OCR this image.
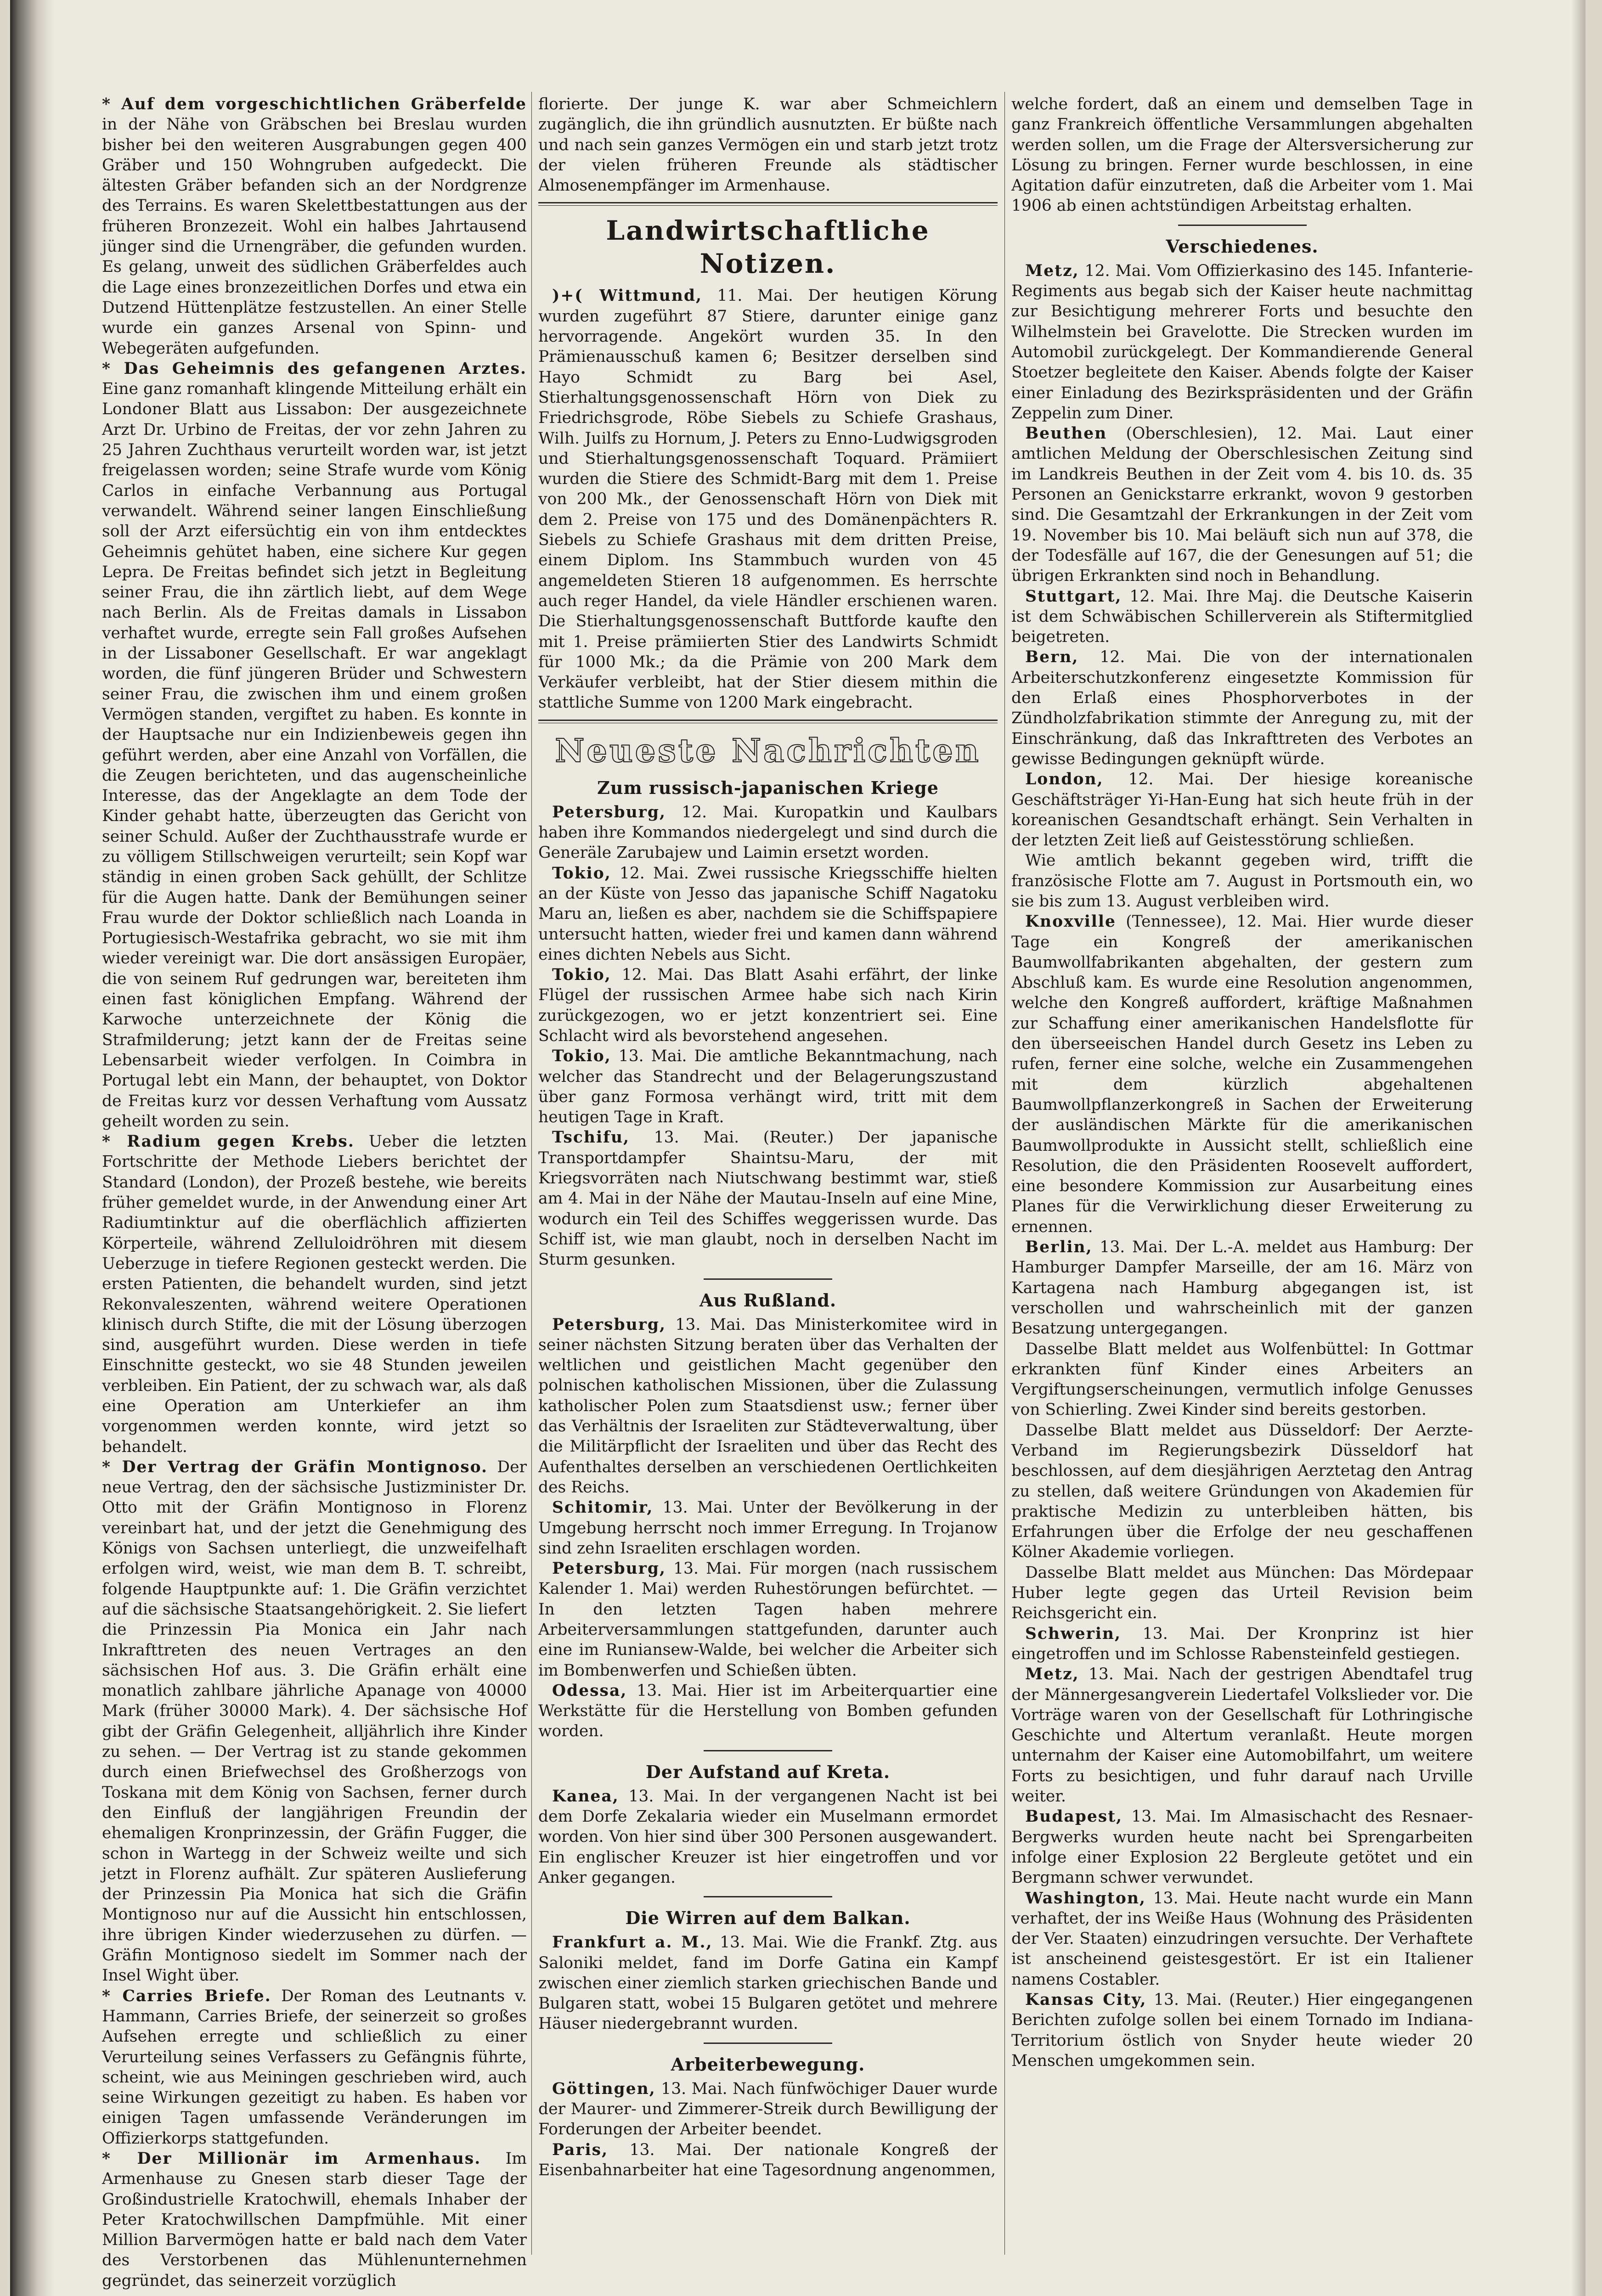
* Auf dem vorgeschichtlichen Gräberfelde in der Nähe von Gräbschen bei Breslau wurden bisher bei den weiteren Ausgrabungen gegen 400 Gräber und 150 Wohngruben aufgedeckt. Die ältesten Gräber befanden sich an der Nordgrenze des Terrains. Es waren Skelettbestattungen aus der früheren Bronzezeit. Wohl ein halbes Jahrtausend jünger sind die Urnengräber, die gefunden wurden. Es gelang, unweit des südlichen Gräberfeldes auch die Lage eines bronzezeitlichen Dorfes und etwa ein Dutzend Hüttenplätze festzustellen. An einer Stelle wurde ein ganzes Arsenal von Spinn- und Webegeräten aufgefunden.

* Das Geheimnis des gefangenen Arztes. Eine ganz romanhaft klingende Mitteilung erhält ein Londoner Blatt aus Lissabon: Der ausgezeichnete Arzt Dr. Urbino de Freitas, der vor zehn Jahren zu 25 Jahren Zuchthaus verurteilt worden war, ist jetzt freigelassen worden; seine Strafe wurde vom König Carlos in einfache Verbannung aus Portugal verwandelt. Während seiner langen Einschließung soll der Arzt eifersüchtig ein von ihm entdecktes Geheimnis gehütet haben, eine sichere Kur gegen Lepra. De Freitas befindet sich jetzt in Begleitung seiner Frau, die ihn zärtlich liebt, auf dem Wege nach Berlin. Als de Freitas damals in Lissabon verhaftet wurde, erregte sein Fall großes Aufsehen in der Lissaboner Gesellschaft. Er war angeklagt worden, die fünf jüngeren Brüder und Schwestern seiner Frau, die zwischen ihm und einem großen Vermögen standen, vergiftet zu haben. Es konnte in der Hauptsache nur ein Indizienbeweis gegen ihn geführt werden, aber eine Anzahl von Vorfällen, die die Zeugen berichteten, und das augenscheinliche Interesse, das der Angeklagte an dem Tode der Kinder gehabt hatte, überzeugten das Gericht von seiner Schuld. Außer der Zuchthausstrafe wurde er zu völligem Stillschweigen verurteilt; sein Kopf war ständig in einen groben Sack gehüllt, der Schlitze für die Augen hatte. Dank der Bemühungen seiner Frau wurde der Doktor schließlich nach Loanda in Portugiesisch-Westafrika gebracht, wo sie mit ihm wieder vereinigt war. Die dort ansässigen Europäer, die von seinem Ruf gedrungen war, bereiteten ihm einen fast königlichen Empfang. Während der Karwoche unterzeichnete der König die Strafmilderung; jetzt kann der de Freitas seine Lebensarbeit wieder verfolgen. In Coimbra in Portugal lebt ein Mann, der behauptet, von Doktor de Freitas kurz vor dessen Verhaftung vom Aussatz geheilt worden zu sein.

* Radium gegen Krebs. Ueber die letzten Fortschritte der Methode Liebers berichtet der Standard (London), der Prozeß bestehe, wie bereits früher gemeldet wurde, in der Anwendung einer Art Radiumtinktur auf die oberflächlich affizierten Körperteile, während Zelluloidröhren mit diesem Ueberzuge in tiefere Regionen gesteckt werden. Die ersten Patienten, die behandelt wurden, sind jetzt Rekonvaleszenten, während weitere Operationen klinisch durch Stifte, die mit der Lösung überzogen sind, ausgeführt wurden. Diese werden in tiefe Einschnitte gesteckt, wo sie 48 Stunden jeweilen verbleiben. Ein Patient, der zu schwach war, als daß eine Operation am Unterkiefer an ihm vorgenommen werden konnte, wird jetzt so behandelt.

* Der Vertrag der Gräfin Montignoso. Der neue Vertrag, den der sächsische Justizminister Dr. Otto mit der Gräfin Montignoso in Florenz vereinbart hat, und der jetzt die Genehmigung des Königs von Sachsen unterliegt, die unzweifelhaft erfolgen wird, weist, wie man dem B. T. schreibt, folgende Hauptpunkte auf: 1. Die Gräfin verzichtet auf die sächsische Staatsangehörigkeit. 2. Sie liefert die Prinzessin Pia Monica ein Jahr nach Inkrafttreten des neuen Vertrages an den sächsischen Hof aus. 3. Die Gräfin erhält eine monatlich zahlbare jährliche Apanage von 40000 Mark (früher 30000 Mark). 4. Der sächsische Hof gibt der Gräfin Gelegenheit, alljährlich ihre Kinder zu sehen. — Der Vertrag ist zu stande gekommen durch einen Briefwechsel des Großherzogs von Toskana mit dem König von Sachsen, ferner durch den Einfluß der langjährigen Freundin der ehemaligen Kronprinzessin, der Gräfin Fugger, die schon in Wartegg in der Schweiz weilte und sich jetzt in Florenz aufhält. Zur späteren Auslieferung der Prinzessin Pia Monica hat sich die Gräfin Montignoso nur auf die Aussicht hin entschlossen, ihre übrigen Kinder wiederzusehen zu dürfen. — Gräfin Montignoso siedelt im Sommer nach der Insel Wight über.

* Carries Briefe. Der Roman des Leutnants v. Hammann, Carries Briefe, der seinerzeit so großes Aufsehen erregte und schließlich zu einer Verurteilung seines Verfassers zu Gefängnis führte, scheint, wie aus Meiningen geschrieben wird, auch seine Wirkungen gezeitigt zu haben. Es haben vor einigen Tagen umfassende Veränderungen im Offizierkorps stattgefunden.

* Der Millionär im Armenhaus. Im Armenhause zu Gnesen starb dieser Tage der Großindustrielle Kratochwill, ehemals Inhaber der Peter Kratochwillschen Dampfmühle. Mit einer Million Barvermögen hatte er bald nach dem Vater des Verstorbenen das Mühlenunternehmen gegründet, das seinerzeit vorzüglich

florierte. Der junge K. war aber Schmeichlern zugänglich, die ihn gründlich ausnutzten. Er büßte nach und nach sein ganzes Vermögen ein und starb jetzt trotz der vielen früheren Freunde als städtischer Almosenempfänger im Armenhause.

Landwirtschaftliche Notizen.

)+( Wittmund, 11. Mai. Der heutigen Körung wurden zugeführt 87 Stiere, darunter einige ganz hervorragende. Angekört wurden 35. In den Prämienausschuß kamen 6; Besitzer derselben sind Hayo Schmidt zu Barg bei Asel, Stierhaltungsgenossenschaft Hörn von Diek zu Friedrichsgrode, Röbe Siebels zu Schiefe Grashaus, Wilh. Juilfs zu Hornum, J. Peters zu Enno-Ludwigsgroden und Stierhaltungsgenossenschaft Toquard. Prämiiert wurden die Stiere des Schmidt-Barg mit dem 1. Preise von 200 Mk., der Genossenschaft Hörn von Diek mit dem 2. Preise von 175 und des Domänenpächters R. Siebels zu Schiefe Grashaus mit dem dritten Preise, einem Diplom. Ins Stammbuch wurden von 45 angemeldeten Stieren 18 aufgenommen. Es herrschte auch reger Handel, da viele Händler erschienen waren. Die Stierhaltungsgenossenschaft Buttforde kaufte den mit 1. Preise prämiierten Stier des Landwirts Schmidt für 1000 Mk.; da die Prämie von 200 Mark dem Verkäufer verbleibt, hat der Stier diesem mithin die stattliche Summe von 1200 Mark eingebracht.

Neueste Nachrichten
Zum russisch-japanischen Kriege

Petersburg, 12. Mai. Kuropatkin und Kaulbars haben ihre Kommandos niedergelegt und sind durch die Generäle Zarubajew und Laimin ersetzt worden.

Tokio, 12. Mai. Zwei russische Kriegsschiffe hielten an der Küste von Jesso das japanische Schiff Nagatoku Maru an, ließen es aber, nachdem sie die Schiffspapiere untersucht hatten, wieder frei und kamen dann während eines dichten Nebels aus Sicht.

Tokio, 12. Mai. Das Blatt Asahi erfährt, der linke Flügel der russischen Armee habe sich nach Kirin zurückgezogen, wo er jetzt konzentriert sei. Eine Schlacht wird als bevorstehend angesehen.

Tokio, 13. Mai. Die amtliche Bekanntmachung, nach welcher das Standrecht und der Belagerungszustand über ganz Formosa verhängt wird, tritt mit dem heutigen Tage in Kraft.

Tschifu, 13. Mai. (Reuter.) Der japanische Transportdampfer Shaintsu-Maru, der mit Kriegsvorräten nach Niutschwang bestimmt war, stieß am 4. Mai in der Nähe der Mautau-Inseln auf eine Mine, wodurch ein Teil des Schiffes weggerissen wurde. Das Schiff ist, wie man glaubt, noch in derselben Nacht im Sturm gesunken.

Aus Rußland.

Petersburg, 13. Mai. Das Ministerkomitee wird in seiner nächsten Sitzung beraten über das Verhalten der weltlichen und geistlichen Macht gegenüber den polnischen katholischen Missionen, über die Zulassung katholischer Polen zum Staatsdienst usw.; ferner über das Verhältnis der Israeliten zur Städteverwaltung, über die Militärpflicht der Israeliten und über das Recht des Aufenthaltes derselben an verschiedenen Oertlichkeiten des Reichs.

Schitomir, 13. Mai. Unter der Bevölkerung in der Umgebung herrscht noch immer Erregung. In Trojanow sind zehn Israeliten erschlagen worden.

Petersburg, 13. Mai. Für morgen (nach russischem Kalender 1. Mai) werden Ruhestörungen befürchtet. — In den letzten Tagen haben mehrere Arbeiterversammlungen stattgefunden, darunter auch eine im Runiansew-Walde, bei welcher die Arbeiter sich im Bombenwerfen und Schießen übten.

Odessa, 13. Mai. Hier ist im Arbeiterquartier eine Werkstätte für die Herstellung von Bomben gefunden worden.

Der Aufstand auf Kreta.

Kanea, 13. Mai. In der vergangenen Nacht ist bei dem Dorfe Zekalaria wieder ein Muselmann ermordet worden. Von hier sind über 300 Personen ausgewandert. Ein englischer Kreuzer ist hier eingetroffen und vor Anker gegangen.

Die Wirren auf dem Balkan.

Frankfurt a. M., 13. Mai. Wie die Frankf. Ztg. aus Saloniki meldet, fand im Dorfe Gatina ein Kampf zwischen einer ziemlich starken griechischen Bande und Bulgaren statt, wobei 15 Bulgaren getötet und mehrere Häuser niedergebrannt wurden.

Arbeiterbewegung.

Göttingen, 13. Mai. Nach fünfwöchiger Dauer wurde der Maurer- und Zimmerer-Streik durch Bewilligung der Forderungen der Arbeiter beendet.

Paris, 13. Mai. Der nationale Kongreß der Eisenbahnarbeiter hat eine Tagesordnung angenommen,

welche fordert, daß an einem und demselben Tage in ganz Frankreich öffentliche Versammlungen abgehalten werden sollen, um die Frage der Altersversicherung zur Lösung zu bringen. Ferner wurde beschlossen, in eine Agitation dafür einzutreten, daß die Arbeiter vom 1. Mai 1906 ab einen achtstündigen Arbeitstag erhalten.

Verschiedenes.

Metz, 12. Mai. Vom Offizierkasino des 145. Infanterie-Regiments aus begab sich der Kaiser heute nachmittag zur Besichtigung mehrerer Forts und besuchte den Wilhelmstein bei Gravelotte. Die Strecken wurden im Automobil zurückgelegt. Der Kommandierende General Stoetzer begleitete den Kaiser. Abends folgte der Kaiser einer Einladung des Bezirkspräsidenten und der Gräfin Zeppelin zum Diner.

Beuthen (Oberschlesien), 12. Mai. Laut einer amtlichen Meldung der Oberschlesischen Zeitung sind im Landkreis Beuthen in der Zeit vom 4. bis 10. ds. 35 Personen an Genickstarre erkrankt, wovon 9 gestorben sind. Die Gesamtzahl der Erkrankungen in der Zeit vom 19. November bis 10. Mai beläuft sich nun auf 378, die der Todesfälle auf 167, die der Genesungen auf 51; die übrigen Erkrankten sind noch in Behandlung.

Stuttgart, 12. Mai. Ihre Maj. die Deutsche Kaiserin ist dem Schwäbischen Schillerverein als Stiftermitglied beigetreten.

Bern, 12. Mai. Die von der internationalen Arbeiterschutzkonferenz eingesetzte Kommission für den Erlaß eines Phosphorverbotes in der Zündholzfabrikation stimmte der Anregung zu, mit der Einschränkung, daß das Inkrafttreten des Verbotes an gewisse Bedingungen geknüpft würde.

London, 12. Mai. Der hiesige koreanische Geschäftsträger Yi-Han-Eung hat sich heute früh in der koreanischen Gesandtschaft erhängt. Sein Verhalten in der letzten Zeit ließ auf Geistesstörung schließen.

Wie amtlich bekannt gegeben wird, trifft die französische Flotte am 7. August in Portsmouth ein, wo sie bis zum 13. August verbleiben wird.

Knoxville (Tennessee), 12. Mai. Hier wurde dieser Tage ein Kongreß der amerikanischen Baumwollfabrikanten abgehalten, der gestern zum Abschluß kam. Es wurde eine Resolution angenommen, welche den Kongreß auffordert, kräftige Maßnahmen zur Schaffung einer amerikanischen Handelsflotte für den überseeischen Handel durch Gesetz ins Leben zu rufen, ferner eine solche, welche ein Zusammengehen mit dem kürzlich abgehaltenen Baumwollpflanzerkongreß in Sachen der Erweiterung der ausländischen Märkte für die amerikanischen Baumwollprodukte in Aussicht stellt, schließlich eine Resolution, die den Präsidenten Roosevelt auffordert, eine besondere Kommission zur Ausarbeitung eines Planes für die Verwirklichung dieser Erweiterung zu ernennen.

Berlin, 13. Mai. Der L.-A. meldet aus Hamburg: Der Hamburger Dampfer Marseille, der am 16. März von Kartagena nach Hamburg abgegangen ist, ist verschollen und wahrscheinlich mit der ganzen Besatzung untergegangen.

Dasselbe Blatt meldet aus Wolfenbüttel: In Gottmar erkrankten fünf Kinder eines Arbeiters an Vergiftungserscheinungen, vermutlich infolge Genusses von Schierling. Zwei Kinder sind bereits gestorben.

Dasselbe Blatt meldet aus Düsseldorf: Der Aerzte-Verband im Regierungsbezirk Düsseldorf hat beschlossen, auf dem diesjährigen Aerztetag den Antrag zu stellen, daß weitere Gründungen von Akademien für praktische Medizin zu unterbleiben hätten, bis Erfahrungen über die Erfolge der neu geschaffenen Kölner Akademie vorliegen.

Dasselbe Blatt meldet aus München: Das Mördepaar Huber legte gegen das Urteil Revision beim Reichsgericht ein.

Schwerin, 13. Mai. Der Kronprinz ist hier eingetroffen und im Schlosse Rabensteinfeld gestiegen.

Metz, 13. Mai. Nach der gestrigen Abendtafel trug der Männergesangverein Liedertafel Volkslieder vor. Die Vorträge waren von der Gesellschaft für Lothringische Geschichte und Altertum veranlaßt. Heute morgen unternahm der Kaiser eine Automobilfahrt, um weitere Forts zu besichtigen, und fuhr darauf nach Urville weiter.

Budapest, 13. Mai. Im Almasischacht des Resnaer-Bergwerks wurden heute nacht bei Sprengarbeiten infolge einer Explosion 22 Bergleute getötet und ein Bergmann schwer verwundet.

Washington, 13. Mai. Heute nacht wurde ein Mann verhaftet, der ins Weiße Haus (Wohnung des Präsidenten der Ver. Staaten) einzudringen versuchte. Der Verhaftete ist anscheinend geistesgestört. Er ist ein Italiener namens Costabler.

Kansas City, 13. Mai. (Reuter.) Hier eingegangenen Berichten zufolge sollen bei einem Tornado im Indiana-Territorium östlich von Snyder heute wieder 20 Menschen umgekommen sein.
